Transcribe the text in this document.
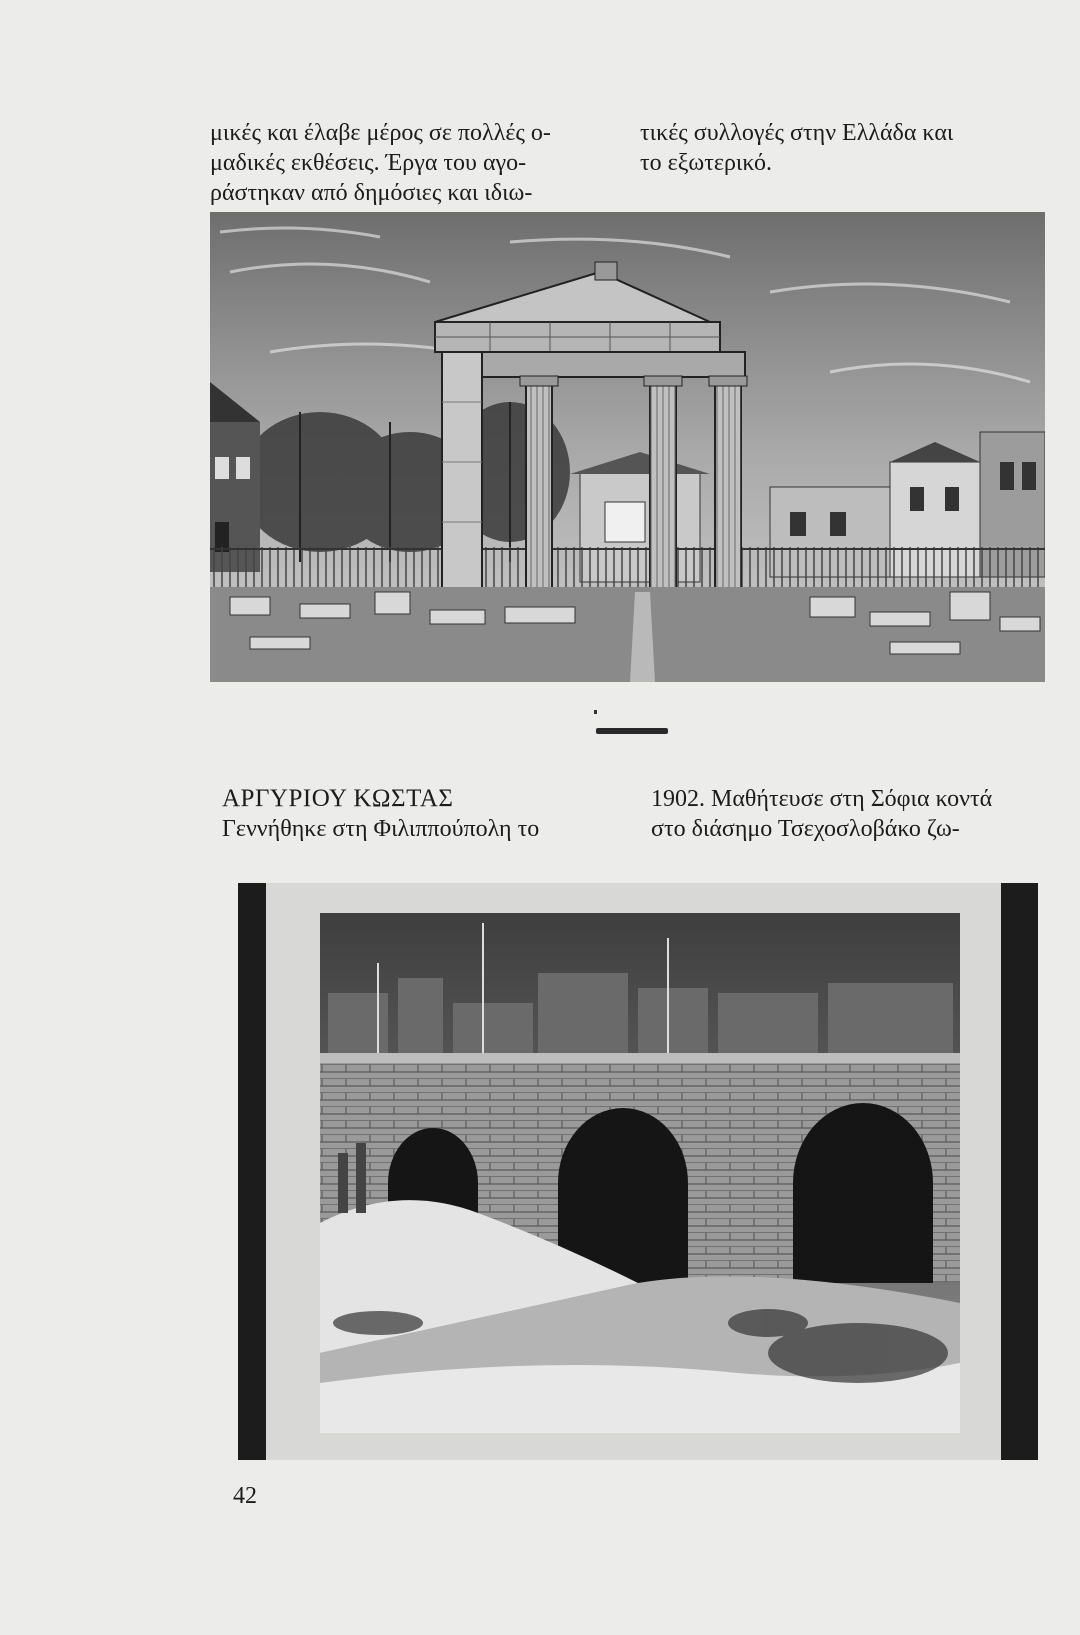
μικές και έλαβε μέρος σε πολλές ο-

μαδικές εκθέσεις. Έργα του αγο-

ράστηκαν από δημόσιες και ιδιω-

τικές συλλογές στην Ελλάδα και

το εξωτερικό.

ΑΡΓΥΡΙΟΥ ΚΩΣΤΑΣ

Γεννήθηκε στη Φιλιππούπολη το

1902. Μαθήτευσε στη Σόφια κοντά

στο διάσημο Τσεχοσλοβάκο ζω-

42
